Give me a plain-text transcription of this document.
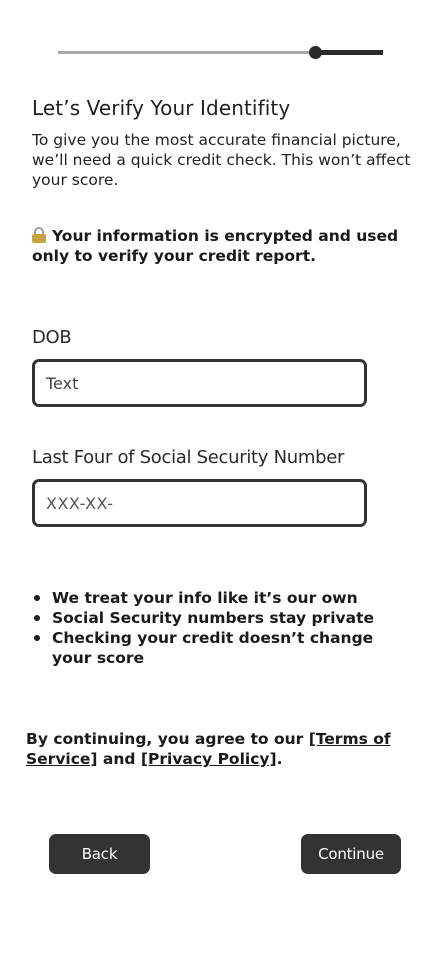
Let’s Verify Your Identifity

To give you the most accurate financial picture, we’ll need a quick credit check. This won’t affect your score.

Your information is encrypted and used only to verify your credit report.

DOB
Text
Last Four of Social Security Number
XXX-XX-
We treat your info like it’s our own
Social Security numbers stay private
Checking your credit doesn’t change your score

By continuing, you agree to our [Terms of Service] and [Privacy Policy].

Back	Continue
